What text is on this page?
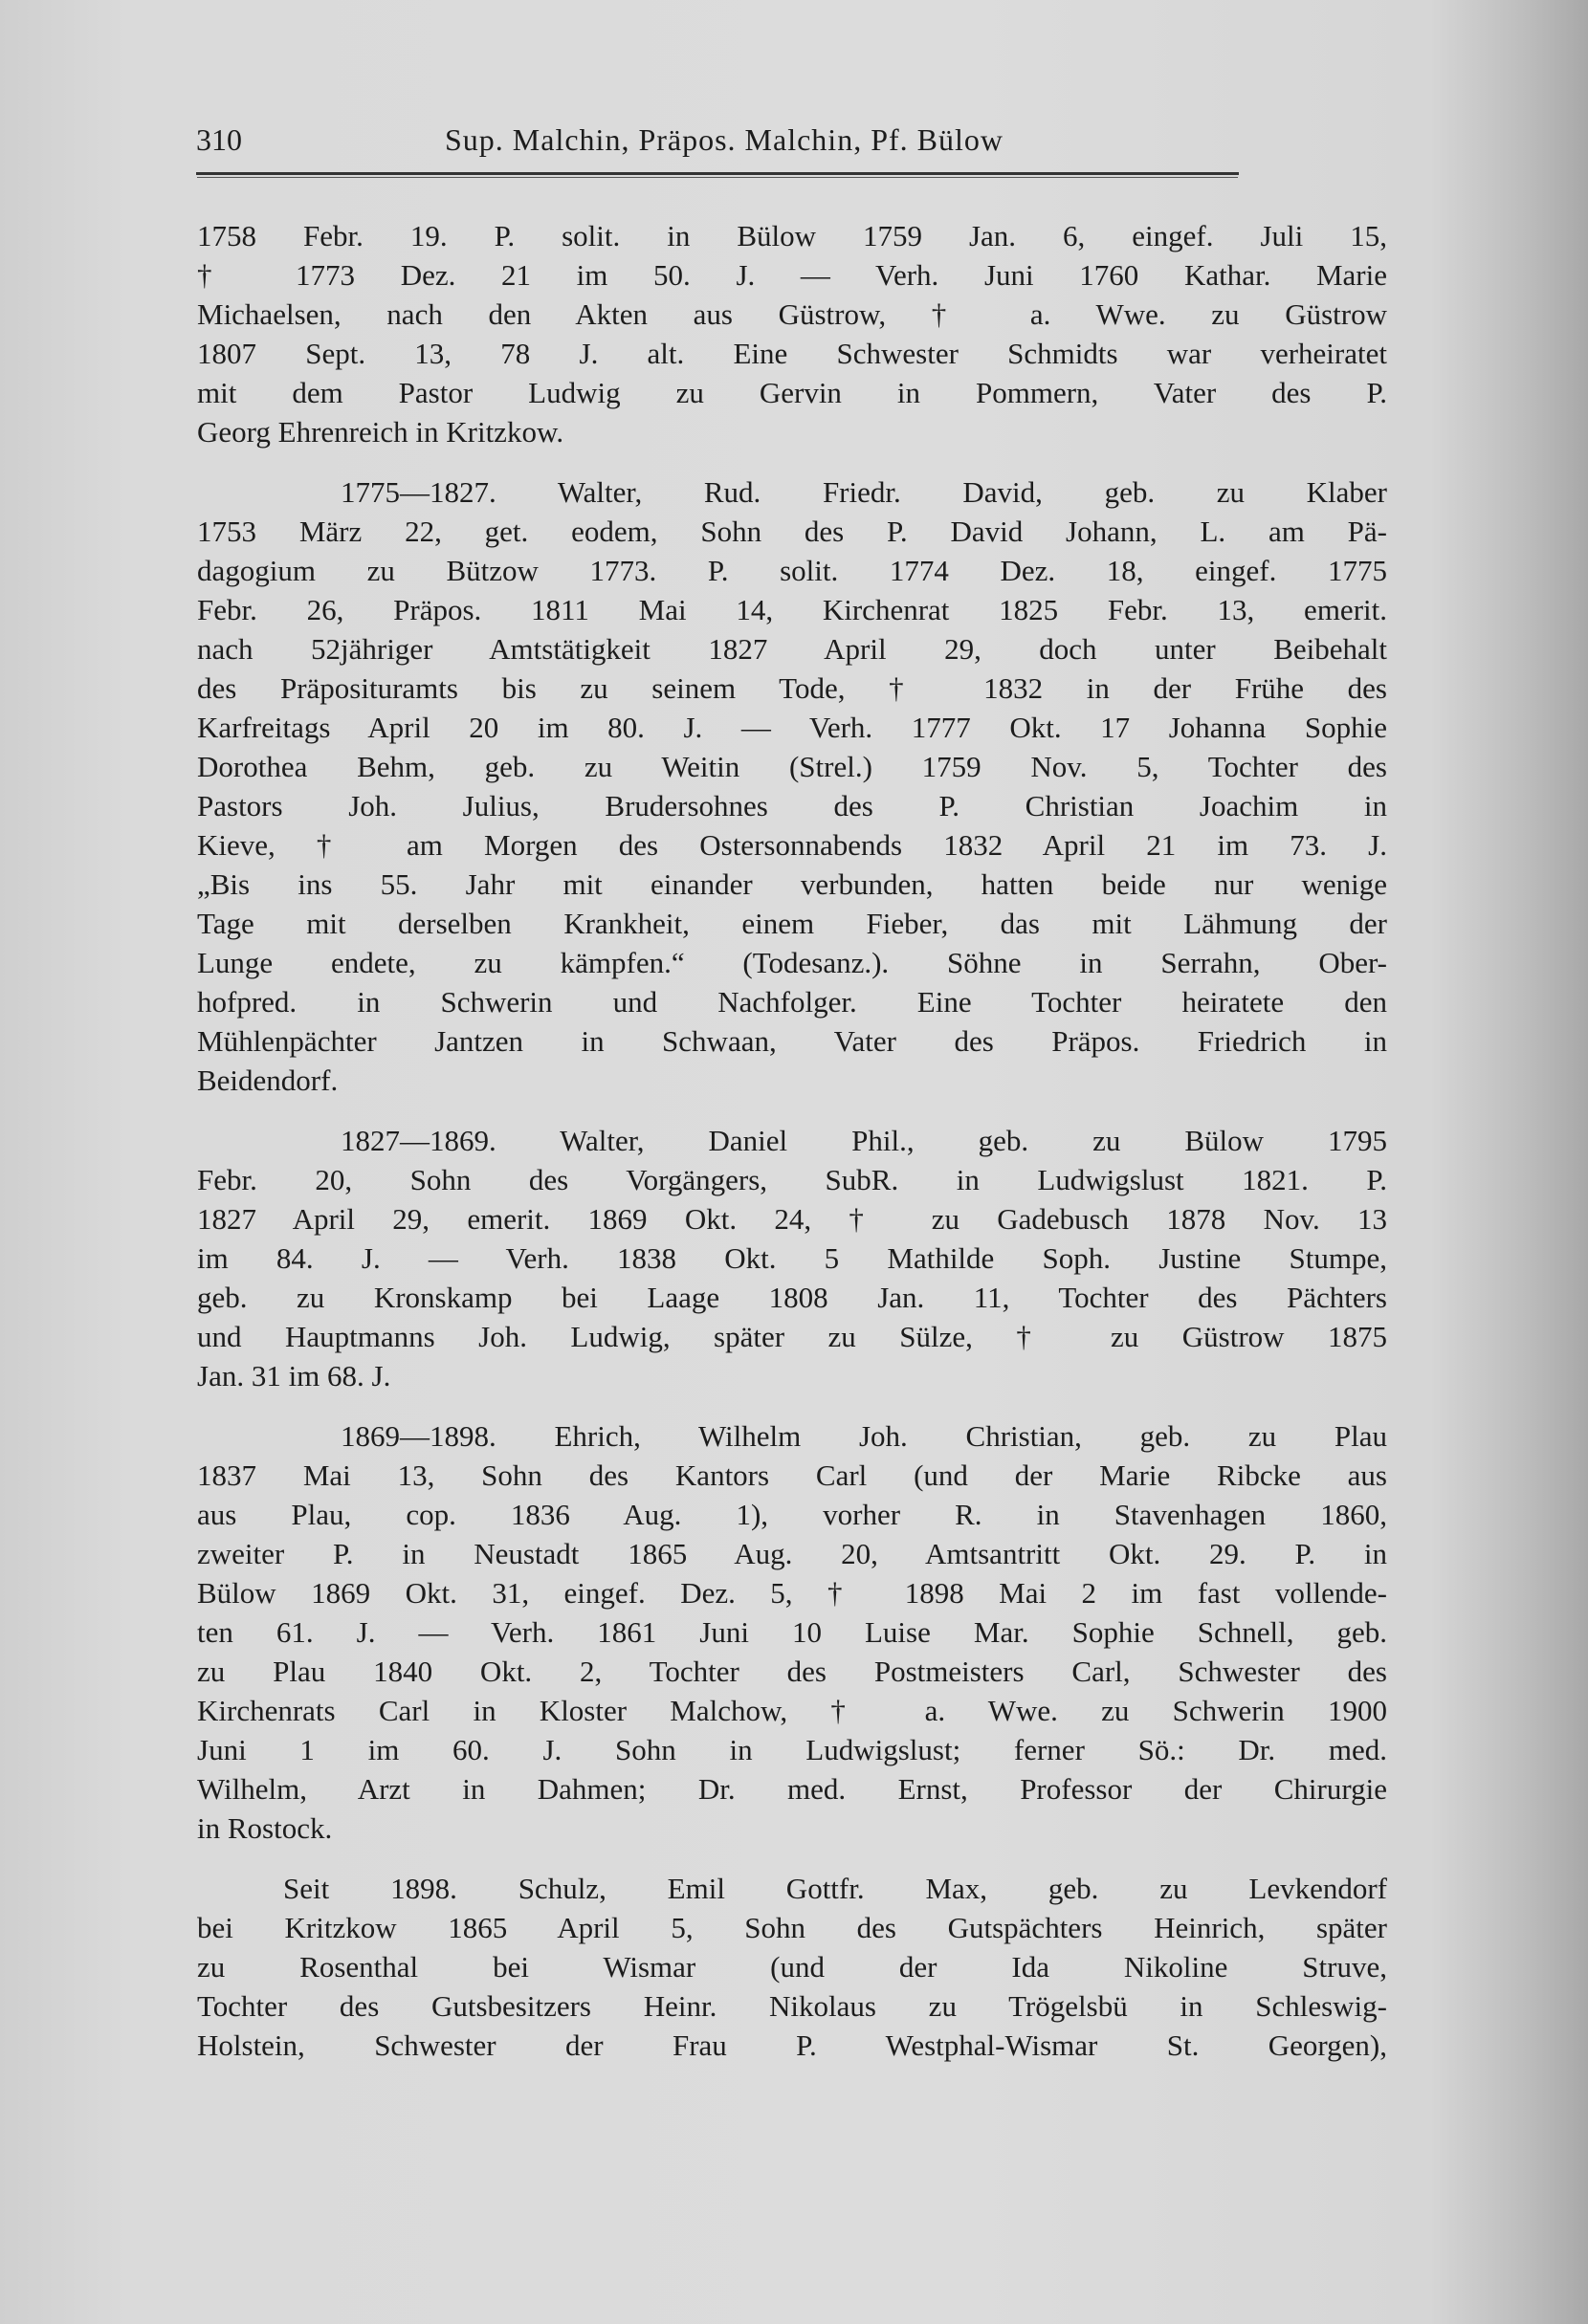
310	Sup. Malchin, Präpos. Malchin, Pf. Bülow
1758 Febr. 19. P. solit. in Bülow 1759 Jan. 6, eingef. Juli 15,
† 1773 Dez. 21 im 50. J. — Verh. Juni 1760 Kathar. Marie
Michaelsen, nach den Akten aus Güstrow, † a. Wwe. zu Güstrow
1807 Sept. 13, 78 J. alt. Eine Schwester Schmidts war verheiratet
mit dem Pastor Ludwig zu Gervin in Pommern, Vater des P.
Georg Ehrenreich in Kritzkow.
1775—1827. Walter, Rud. Friedr. David, geb. zu Klaber
1753 März 22, get. eodem, Sohn des P. David Johann, L. am Pä-
dagogium zu Bützow 1773. P. solit. 1774 Dez. 18, eingef. 1775
Febr. 26, Präpos. 1811 Mai 14, Kirchenrat 1825 Febr. 13, emerit.
nach 52jähriger Amtstätigkeit 1827 April 29, doch unter Beibehalt
des Präposituramts bis zu seinem Tode, † 1832 in der Frühe des
Karfreitags April 20 im 80. J. — Verh. 1777 Okt. 17 Johanna Sophie
Dorothea Behm, geb. zu Weitin (Strel.) 1759 Nov. 5, Tochter des
Pastors Joh. Julius, Brudersohnes des P. Christian Joachim in
Kieve, † am Morgen des Ostersonnabends 1832 April 21 im 73. J.
„Bis ins 55. Jahr mit einander verbunden, hatten beide nur wenige
Tage mit derselben Krankheit, einem Fieber, das mit Lähmung der
Lunge endete, zu kämpfen.“ (Todesanz.). Söhne in Serrahn, Ober-
hofpred. in Schwerin und Nachfolger. Eine Tochter heiratete den
Mühlenpächter Jantzen in Schwaan, Vater des Präpos. Friedrich in
Beidendorf.
1827—1869. Walter, Daniel Phil., geb. zu Bülow 1795
Febr. 20, Sohn des Vorgängers, SubR. in Ludwigslust 1821. P.
1827 April 29, emerit. 1869 Okt. 24, † zu Gadebusch 1878 Nov. 13
im 84. J. — Verh. 1838 Okt. 5 Mathilde Soph. Justine Stumpe,
geb. zu Kronskamp bei Laage 1808 Jan. 11, Tochter des Pächters
und Hauptmanns Joh. Ludwig, später zu Sülze, † zu Güstrow 1875
Jan. 31 im 68. J.
1869—1898. Ehrich, Wilhelm Joh. Christian, geb. zu Plau
1837 Mai 13, Sohn des Kantors Carl (und der Marie Ribcke aus
aus Plau, cop. 1836 Aug. 1), vorher R. in Stavenhagen 1860,
zweiter P. in Neustadt 1865 Aug. 20, Amtsantritt Okt. 29. P. in
Bülow 1869 Okt. 31, eingef. Dez. 5, † 1898 Mai 2 im fast vollende-
ten 61. J. — Verh. 1861 Juni 10 Luise Mar. Sophie Schnell, geb.
zu Plau 1840 Okt. 2, Tochter des Postmeisters Carl, Schwester des
Kirchenrats Carl in Kloster Malchow, † a. Wwe. zu Schwerin 1900
Juni 1 im 60. J. Sohn in Ludwigslust; ferner Sö.: Dr. med.
Wilhelm, Arzt in Dahmen; Dr. med. Ernst, Professor der Chirurgie
in Rostock.
Seit 1898. Schulz, Emil Gottfr. Max, geb. zu Levkendorf
bei Kritzkow 1865 April 5, Sohn des Gutspächters Heinrich, später
zu Rosenthal bei Wismar (und der Ida Nikoline Struve,
Tochter des Gutsbesitzers Heinr. Nikolaus zu Trögelsbü in Schleswig-
Holstein, Schwester der Frau P. Westphal-Wismar St. Georgen),
